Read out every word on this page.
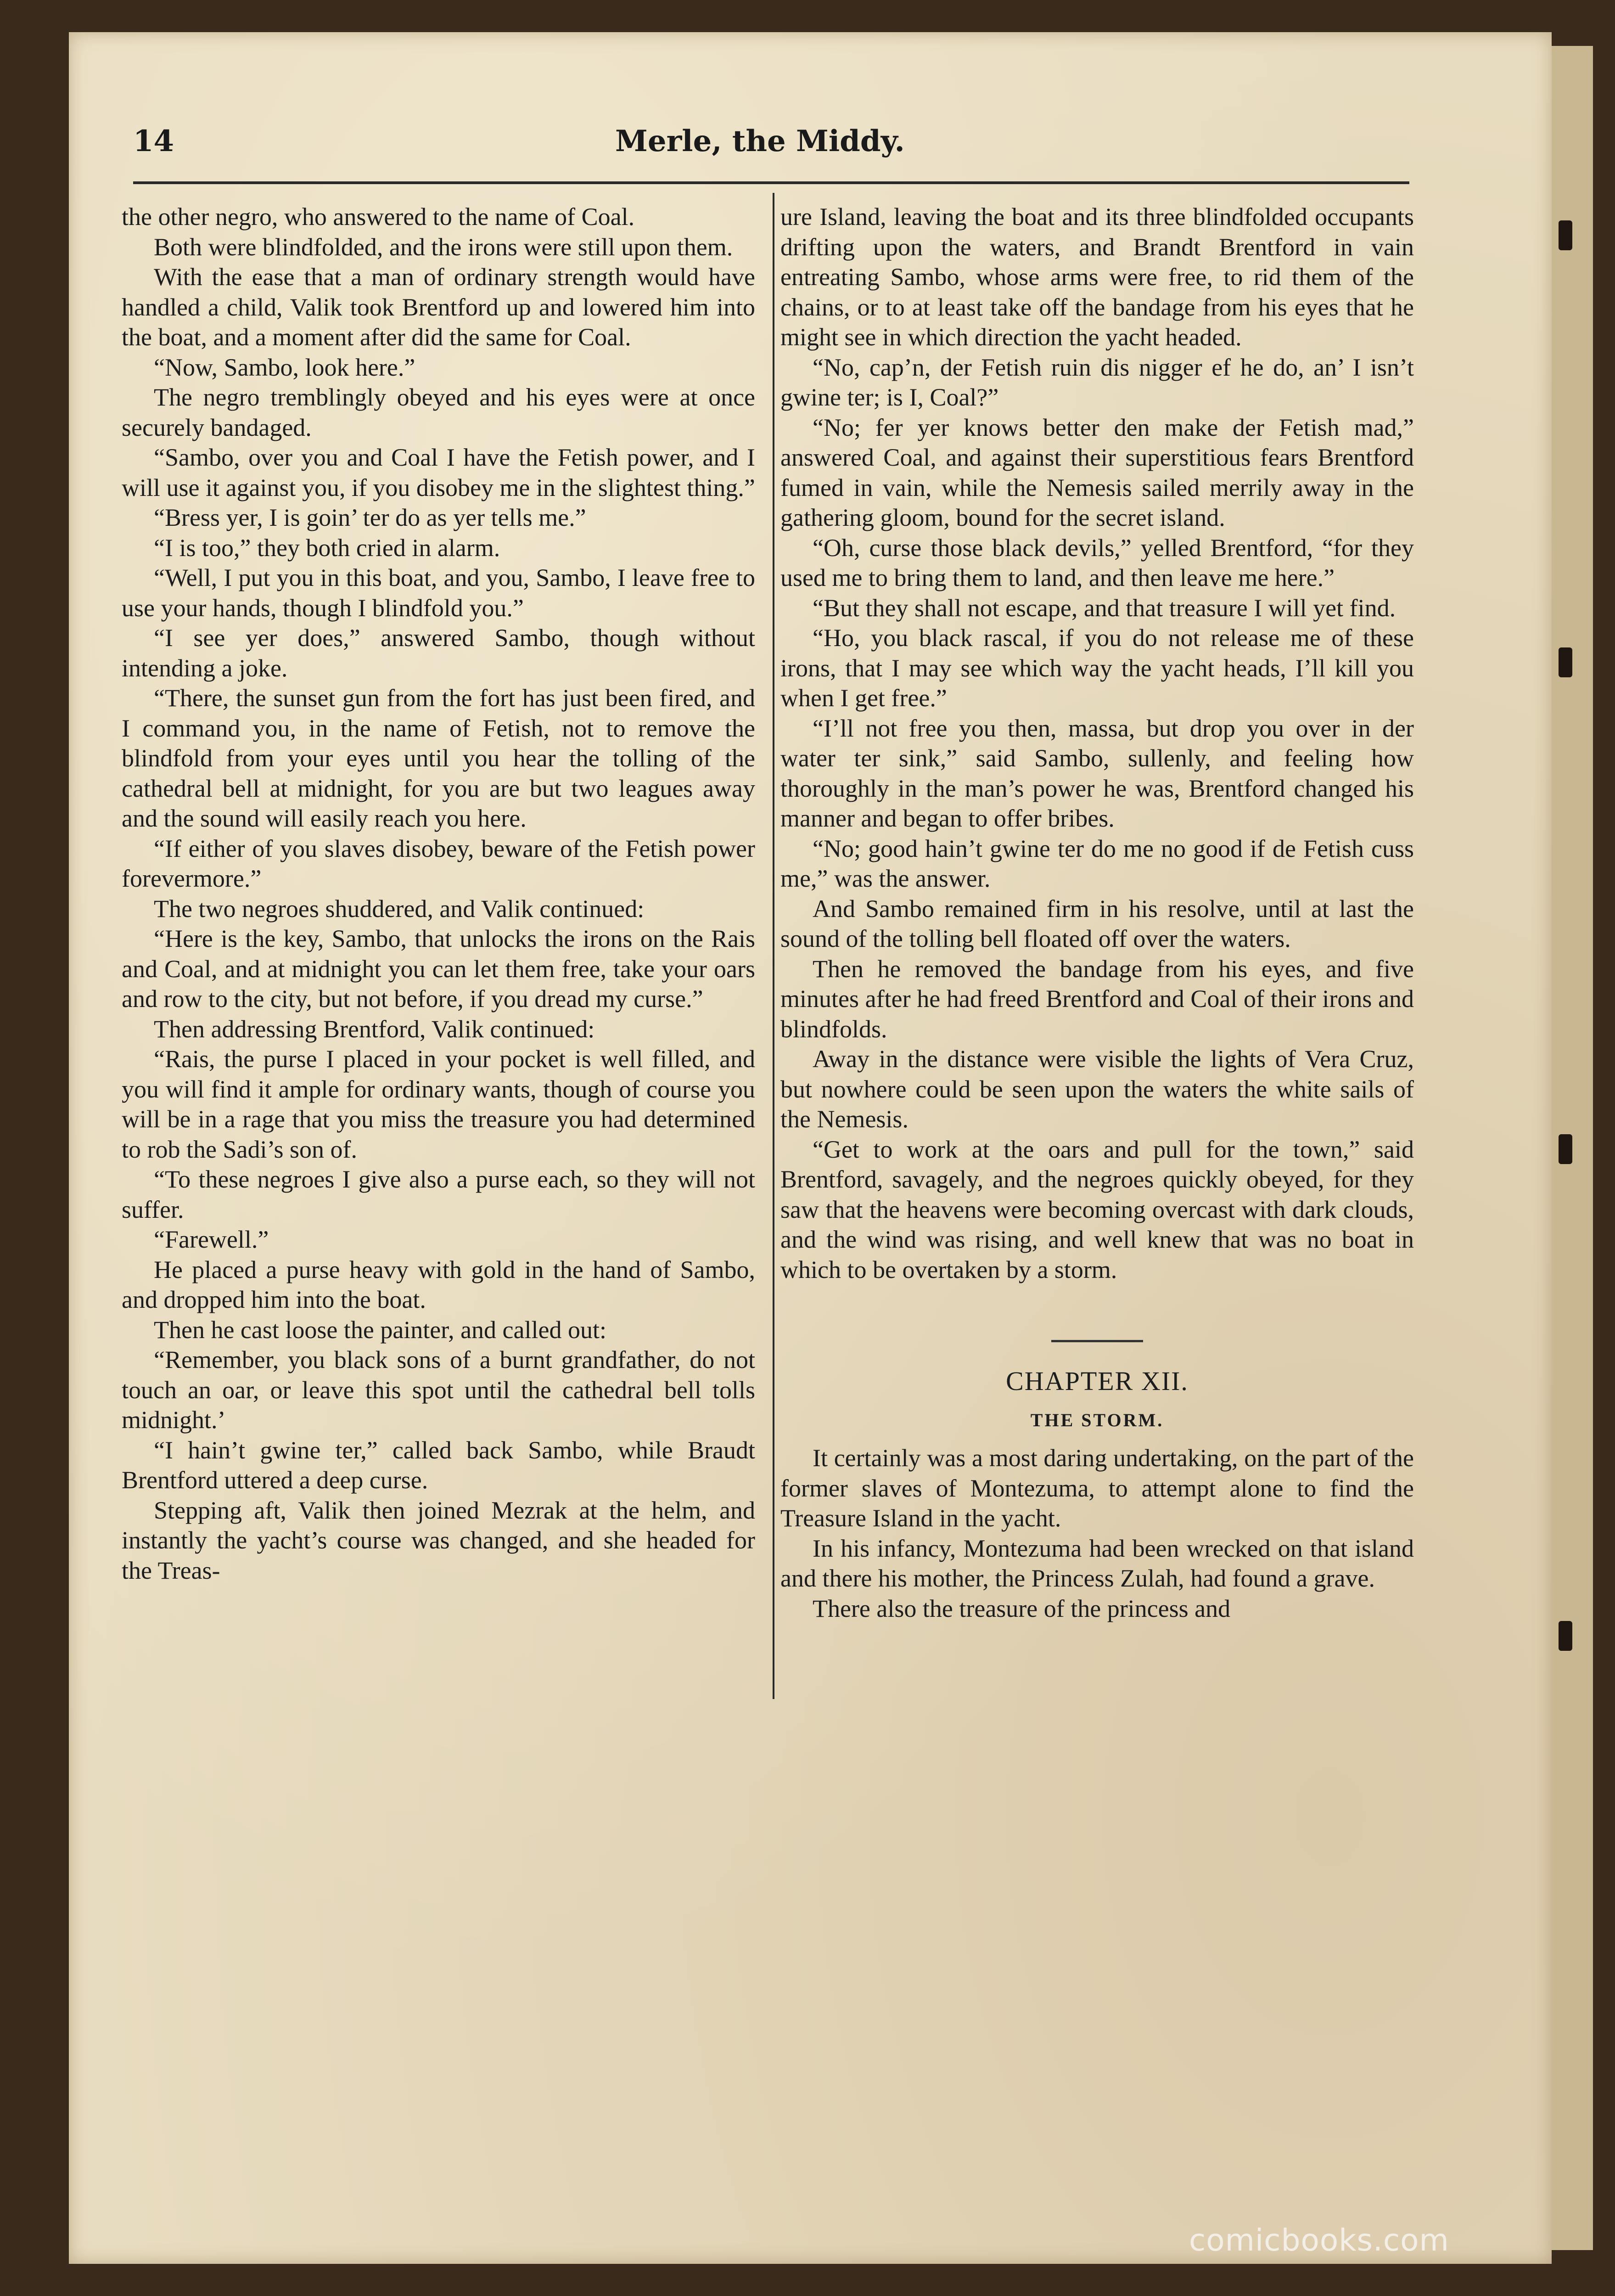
14	Merle, the Middy.

the other negro, who answered to the name of Coal.

Both were blindfolded, and the irons were still upon them.

With the ease that a man of ordinary strength would have handled a child, Valik took Brentford up and lowered him into the boat, and a moment after did the same for Coal.

“Now, Sambo, look here.”

The negro tremblingly obeyed and his eyes were at once securely bandaged.

“Sambo, over you and Coal I have the Fetish power, and I will use it against you, if you disobey me in the slightest thing.”

“Bress yer, I is goin’ ter do as yer tells me.”

“I is too,” they both cried in alarm.

“Well, I put you in this boat, and you, Sambo, I leave free to use your hands, though I blindfold you.”

“I see yer does,” answered Sambo, though without intending a joke.

“There, the sunset gun from the fort has just been fired, and I command you, in the name of Fetish, not to remove the blindfold from your eyes until you hear the tolling of the cathedral bell at midnight, for you are but two leagues away and the sound will easily reach you here.

“If either of you slaves disobey, beware of the Fetish power forevermore.”

The two negroes shuddered, and Valik continued:

“Here is the key, Sambo, that unlocks the irons on the Rais and Coal, and at midnight you can let them free, take your oars and row to the city, but not before, if you dread my curse.”

Then addressing Brentford, Valik continued:

“Rais, the purse I placed in your pocket is well filled, and you will find it ample for ordinary wants, though of course you will be in a rage that you miss the treasure you had determined to rob the Sadi’s son of.

“To these negroes I give also a purse each, so they will not suffer.

“Farewell.”

He placed a purse heavy with gold in the hand of Sambo, and dropped him into the boat.

Then he cast loose the painter, and called out:

“Remember, you black sons of a burnt grandfather, do not touch an oar, or leave this spot until the cathedral bell tolls midnight.’

“I hain’t gwine ter,” called back Sambo, while Braudt Brentford uttered a deep curse.

Stepping aft, Valik then joined Mezrak at the helm, and instantly the yacht’s course was changed, and she headed for the Treas-

ure Island, leaving the boat and its three blindfolded occupants drifting upon the waters, and Brandt Brentford in vain entreating Sambo, whose arms were free, to rid them of the chains, or to at least take off the bandage from his eyes that he might see in which direction the yacht headed.

“No, cap’n, der Fetish ruin dis nigger ef he do, an’ I isn’t gwine ter; is I, Coal?”

“No; fer yer knows better den make der Fetish mad,” answered Coal, and against their superstitious fears Brentford fumed in vain, while the Nemesis sailed merrily away in the gathering gloom, bound for the secret island.

“Oh, curse those black devils,” yelled Brentford, “for they used me to bring them to land, and then leave me here.”

“But they shall not escape, and that treasure I will yet find.

“Ho, you black rascal, if you do not release me of these irons, that I may see which way the yacht heads, I’ll kill you when I get free.”

“I’ll not free you then, massa, but drop you over in der water ter sink,” said Sambo, sullenly, and feeling how thoroughly in the man’s power he was, Brentford changed his manner and began to offer bribes.

“No; good hain’t gwine ter do me no good if de Fetish cuss me,” was the answer.

And Sambo remained firm in his resolve, until at last the sound of the tolling bell floated off over the waters.

Then he removed the bandage from his eyes, and five minutes after he had freed Brentford and Coal of their irons and blindfolds.

Away in the distance were visible the lights of Vera Cruz, but nowhere could be seen upon the waters the white sails of the Nemesis.

“Get to work at the oars and pull for the town,” said Brentford, savagely, and the negroes quickly obeyed, for they saw that the heavens were becoming overcast with dark clouds, and the wind was rising, and well knew that was no boat in which to be overtaken by a storm.

CHAPTER XII.
THE STORM.

It certainly was a most daring undertaking, on the part of the former slaves of Montezuma, to attempt alone to find the Treasure Island in the yacht.

In his infancy, Montezuma had been wrecked on that island and there his mother, the Princess Zulah, had found a grave.

There also the treasure of the princess and

comicbooks.com
